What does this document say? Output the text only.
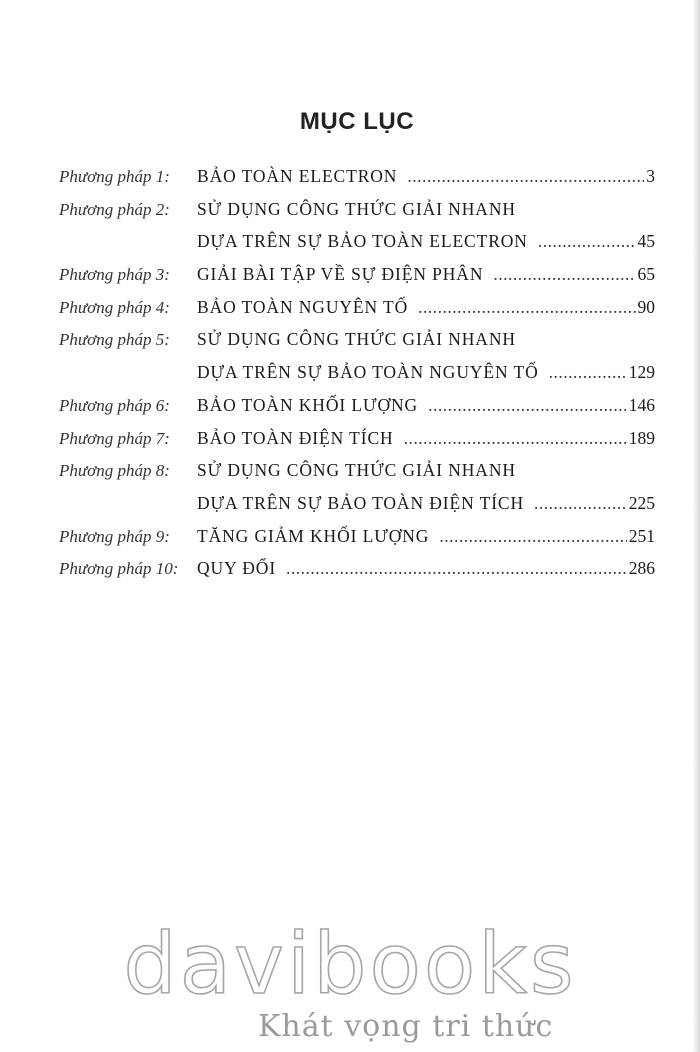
MỤC LỤC
Phương pháp 1:	BẢO TOÀN ELECTRON .....	3
Phương pháp 2:	SỬ DỤNG CÔNG THỨC GIẢI NHANH
DỰA TRÊN SỰ BẢO TOÀN ELECTRON .....	45
Phương pháp 3:	GIẢI BÀI TẬP VỀ SỰ ĐIỆN PHÂN .....	65
Phương pháp 4:	BẢO TOÀN NGUYÊN TỐ .....	90
Phương pháp 5:	SỬ DỤNG CÔNG THỨC GIẢI NHANH
DỰA TRÊN SỰ BẢO TOÀN NGUYÊN TỐ .....	129
Phương pháp 6:	BẢO TOÀN KHỐI LƯỢNG .....	146
Phương pháp 7:	BẢO TOÀN ĐIỆN TÍCH .....	189
Phương pháp 8:	SỬ DỤNG CÔNG THỨC GIẢI NHANH
DỰA TRÊN SỰ BẢO TOÀN ĐIỆN TÍCH .....	225
Phương pháp 9:	TĂNG GIẢM KHỐI LƯỢNG .....	251
Phương pháp 10:	QUY ĐỔI .....	286
davibooks
Khát vọng tri thức
